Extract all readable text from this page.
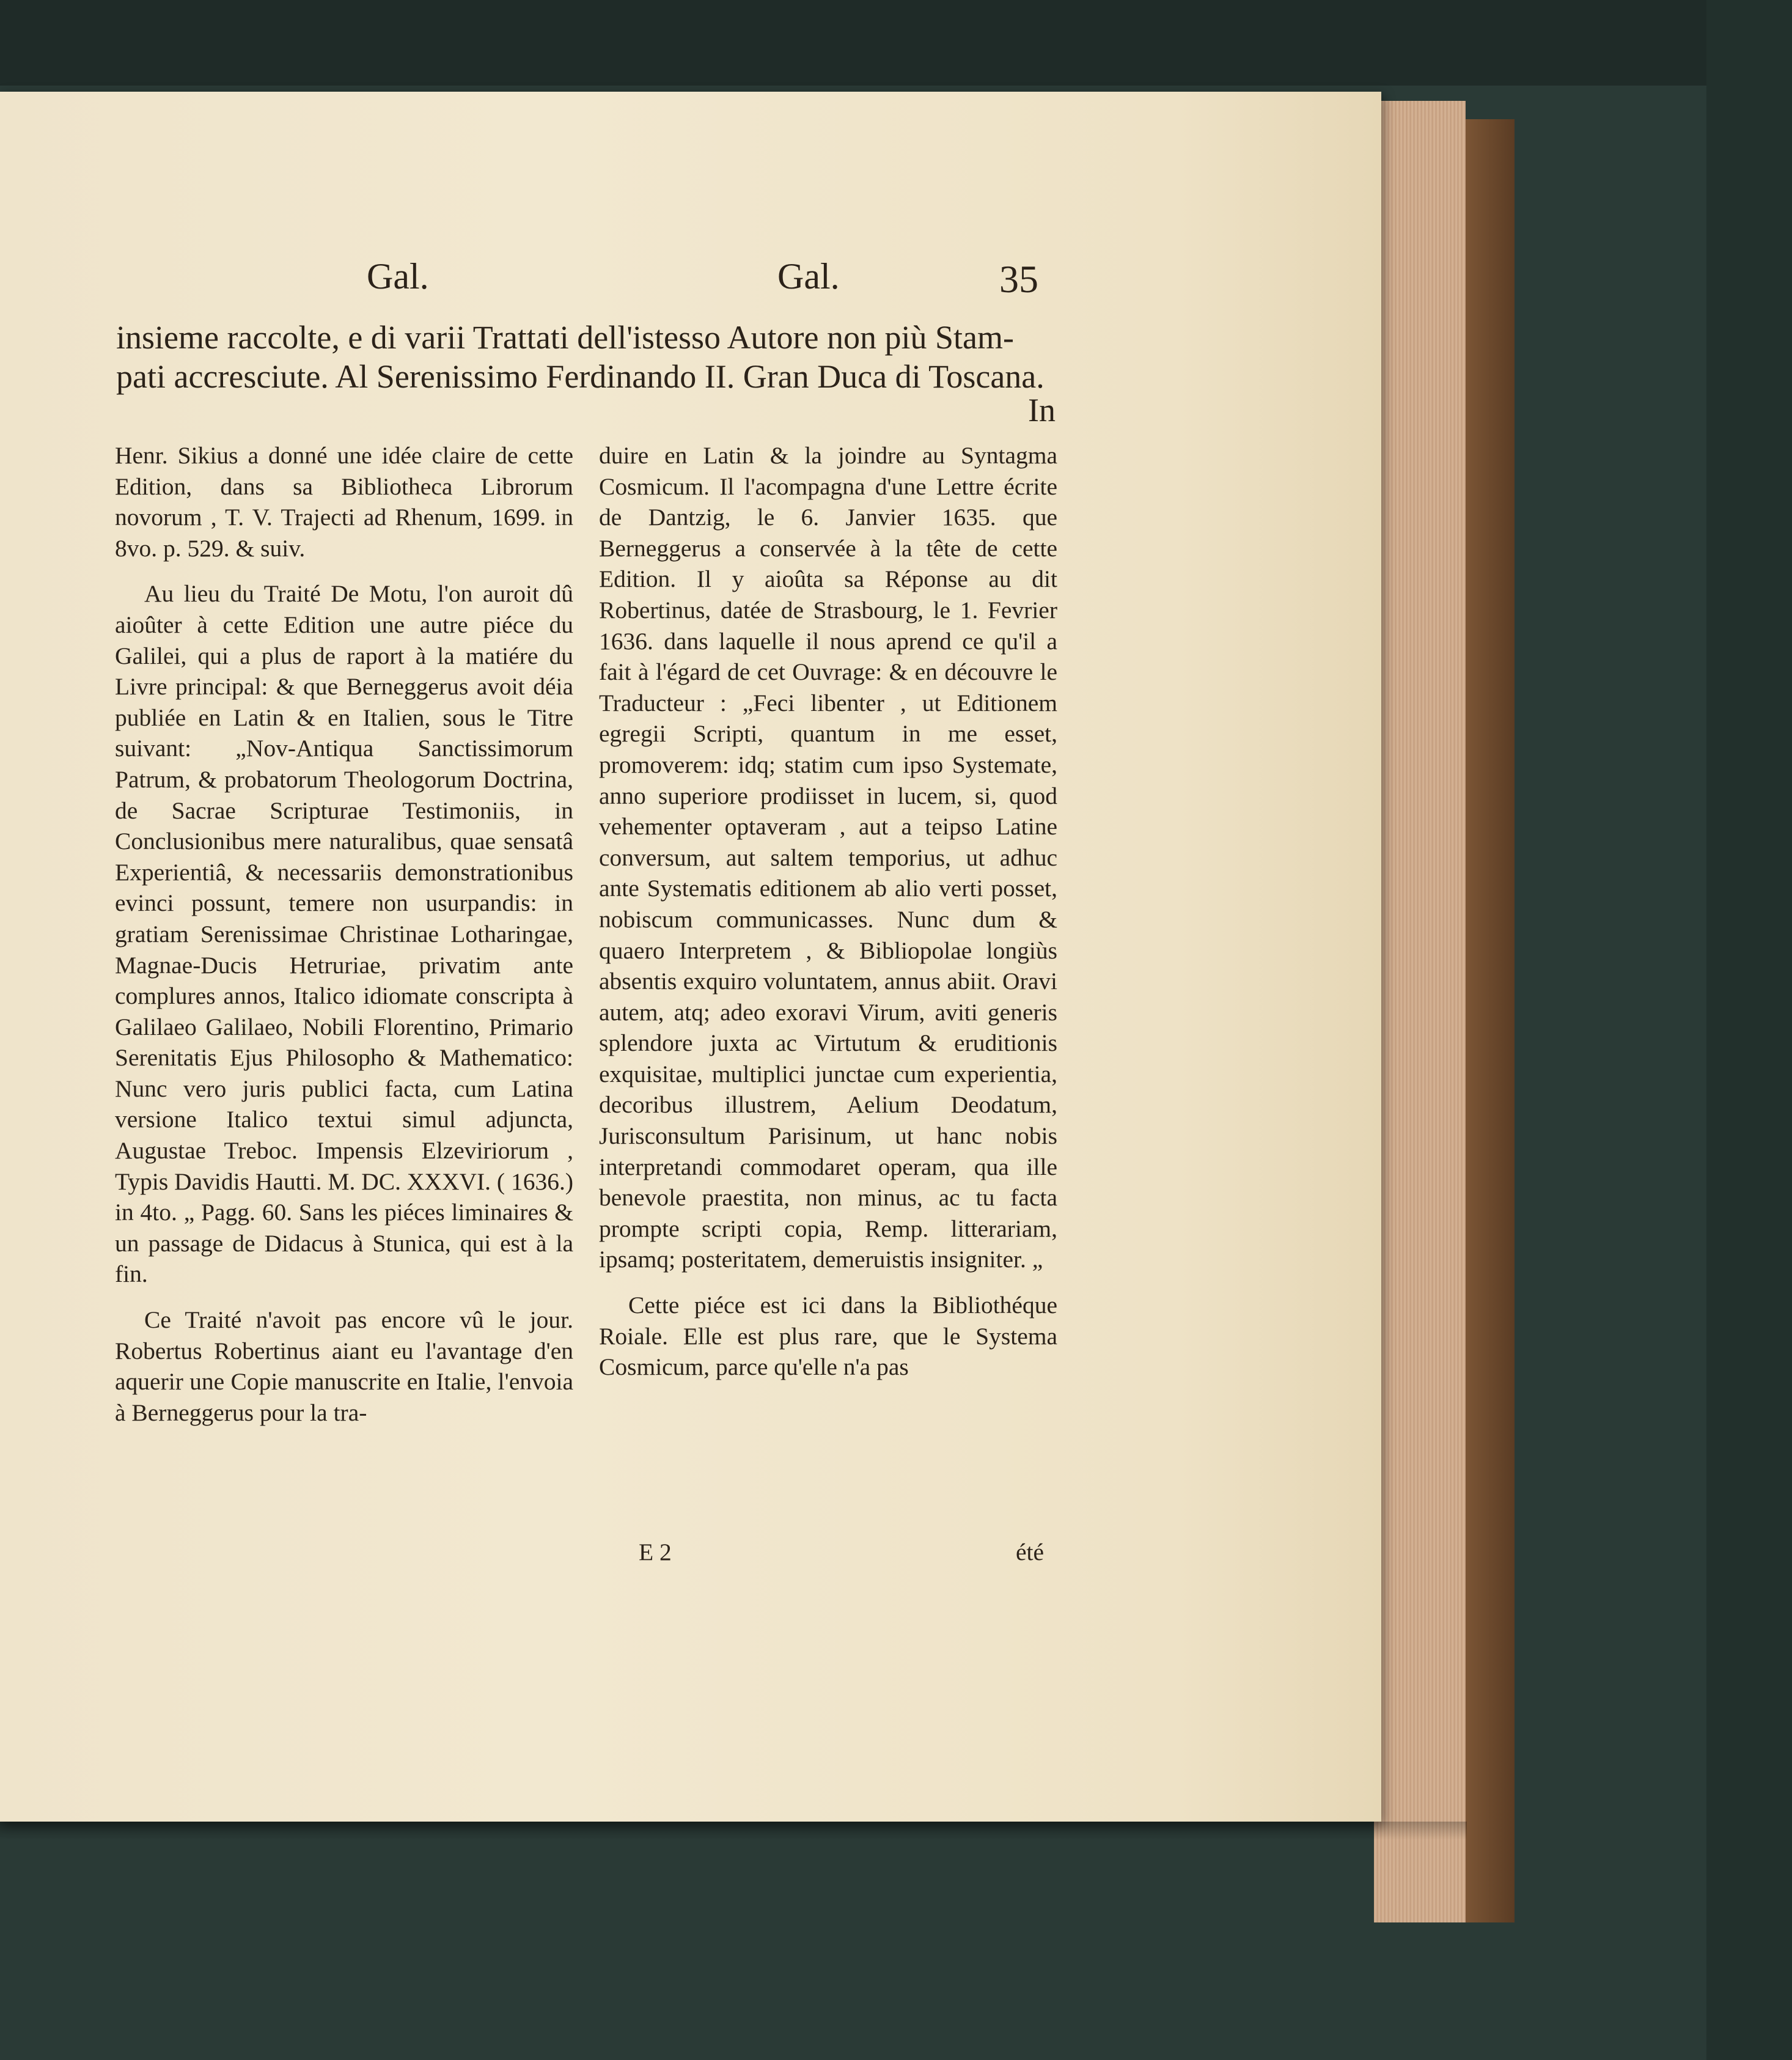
Gal.	Gal.	35
insieme raccolte, e di varii Trattati dell'istesso Autore non più Stam-
pati accresciute. Al Serenissimo Ferdinando II. Gran Duca di Toscana.
In

Henr. Sikius a donné une idée claire de cette Edition, dans sa Bibliotheca Librorum novorum , T. V. Trajecti ad Rhenum, 1699. in 8vo. p. 529. & suiv.

Au lieu du Traité De Motu, l'on auroit dû aioûter à cette Edition une autre piéce du Galilei, qui a plus de raport à la matiére du Livre principal: & que Berneggerus avoit déia publiée en Latin & en Italien, sous le Titre suivant: „Nov-Antiqua Sanctissimorum Patrum, & probatorum Theologorum Doctrina, de Sacrae Scripturae Testimoniis, in Conclusionibus mere naturalibus, quae sensatâ Experientiâ, & necessariis demonstrationibus evinci possunt, temere non usurpandis: in gratiam Serenissimae Christinae Lotharingae, Magnae-Ducis Hetruriae, privatim ante complures annos, Italico idiomate conscripta à Galilaeo Galilaeo, Nobili Florentino, Primario Serenitatis Ejus Philosopho & Mathematico: Nunc vero juris publici facta, cum Latina versione Italico textui simul adjuncta, Augustae Treboc. Impensis Elzeviriorum , Typis Davidis Hautti. M. DC. XXXVI. ( 1636.) in 4to. „ Pagg. 60. Sans les piéces liminaires & un passage de Didacus à Stunica, qui est à la fin.

Ce Traité n'avoit pas encore vû le jour. Robertus Robertinus aiant eu l'avantage d'en aquerir une Copie manuscrite en Italie, l'envoia à Berneggerus pour la tra-

duire en Latin & la joindre au Syntagma Cosmicum. Il l'acompagna d'une Lettre écrite de Dantzig, le 6. Janvier 1635. que Berneggerus a conservée à la tête de cette Edition. Il y aioûta sa Réponse au dit Robertinus, datée de Strasbourg, le 1. Fevrier 1636. dans laquelle il nous aprend ce qu'il a fait à l'égard de cet Ouvrage: & en découvre le Traducteur : „Feci libenter , ut Editionem egregii Scripti, quantum in me esset, promoverem: idq; statim cum ipso Systemate, anno superiore prodiisset in lucem, si, quod vehementer optaveram , aut a teipso Latine conversum, aut saltem temporius, ut adhuc ante Systematis editionem ab alio verti posset, nobiscum communicasses. Nunc dum & quaero Interpretem , & Bibliopolae longiùs absentis exquiro voluntatem, annus abiit. Oravi autem, atq; adeo exoravi Virum, aviti generis splendore juxta ac Virtutum & eruditionis exquisitae, multiplici junctae cum experientia, decoribus illustrem, Aelium Deodatum, Jurisconsultum Parisinum, ut hanc nobis interpretandi commodaret operam, qua ille benevole praestita, non minus, ac tu facta prompte scripti copia, Remp. litterariam, ipsamq; posteritatem, demeruistis insigniter. „

Cette piéce est ici dans la Bibliothéque Roiale. Elle est plus rare, que le Systema Cosmicum, parce qu'elle n'a pas

E 2	été
